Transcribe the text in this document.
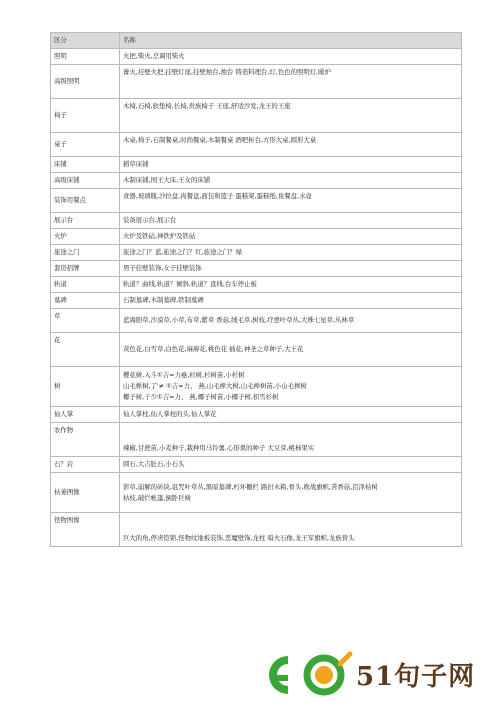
区分	名称
照明	火把,柴火,烹调用柴火
高级照明	篝火,挂壁火把,挂壁灯座,挂壁烛台,烛台 铸造料理台,灯,色色的照明灯,暖炉
椅子	木椅,石椅,软垫椅,长椅,贵族椅子 王座,舒适沙发,龙王的王座
桌子	木桌,椅子,石制餐桌,时尚餐桌,木制餐桌 酒吧柜台,方形大桌,圆形大桌
床铺	稻草床铺
高级床铺	木制床铺,国王大床,王女的床铺
装饰用餐点	食器,玻璃瓶,沙拉盘,肉餐盘,面包和篮子 蛋糕架,蛋糕纸,鱼餐盘,水壶
展示台	装备展示台,展示台
火炉	火炉及铁砧,神铁炉及铁砧
旅途之门	旅途之门？蓝,旅途之门？红,旅途之门？绿
套房招牌	男子挂壁装饰,女子挂壁装饰
轨道	轨道？曲线,轨道？倾斜,轨道？直线,台车停止板
墓碑	石制墓碑,木制墓碑,铁制墓碑
草	蓝海胆草,沙漠草,小草,布草,紫草 香菇,绒毛草,树枝,疗愈叶草丛,大株七星草,丛林草
花	黄色花,白雪草,白色花,麻痹花,桃色花 插花,神圣之草种子,大王花
树	樱花树,入斗①吉=力癌,杉树,杉树苗,小杉树
山毛榉树,了'≠ ①吉=力、 燕,山毛榉大树,山毛榉树苗,小山毛榉树
椰子树,干少①吉=力、 燕,椰子树苗,小椰子树,枳雪杉树

仙人掌	仙人掌柱,仙人掌柱的头,仙人掌花
农作物	辣椒,甘蔗苗,小麦种子,栽种用马铃薯,心形果的种子 大豆芽,桃柿果实
石？岩	圆石,大吉肚石,小石头
枯萎图像	影草,崩解的砖块,诅咒叶草丛,黑暗墓碑,朽坏栅栏 路旧木箱,骨头,败战旗帜,苦香菇,沼泽枯树
枯枝,破烂帐篷,倒卧巨树

怪物图像	巨大的角,停虏铠锁,怪物纹地板装饰,恶魔壁饰,龙柱 暗火石像,龙王军旗帜,龙族骨头
51句子网
